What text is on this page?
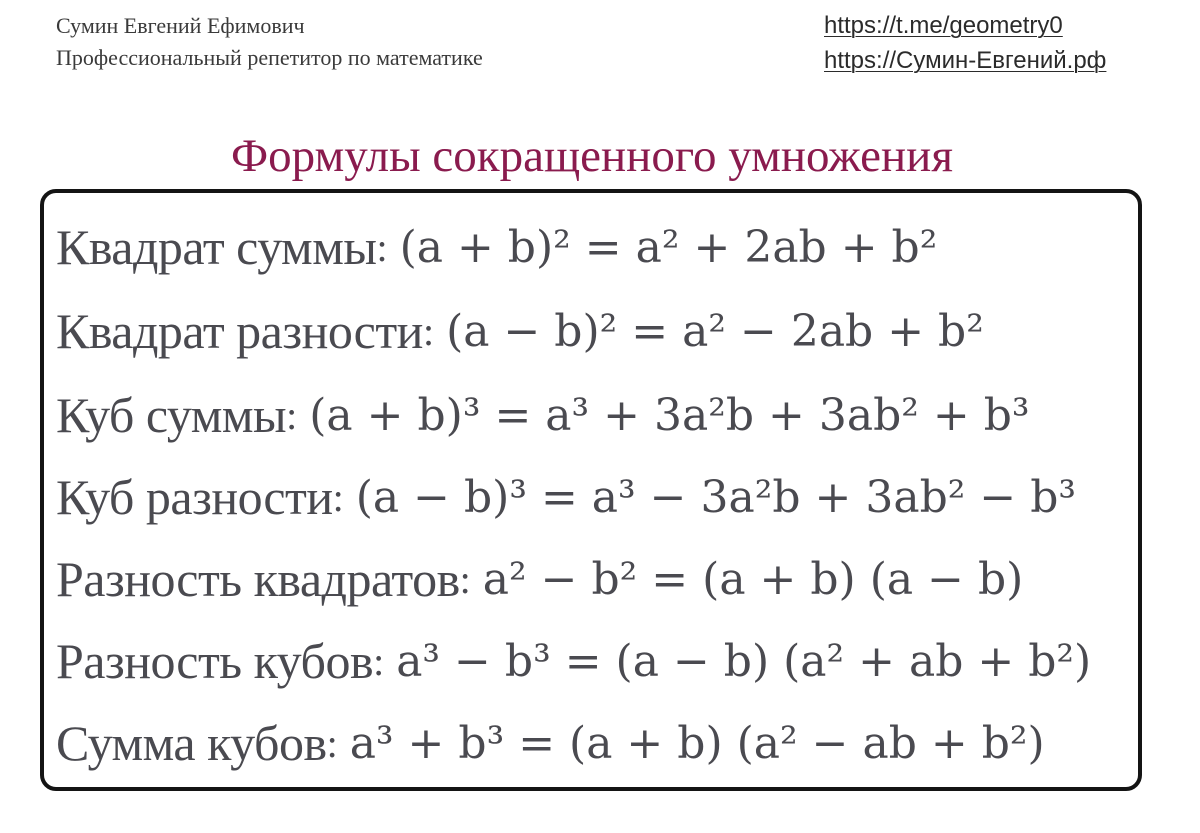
Сумин Евгений Ефимович
Профессиональный репетитор по математике
https://t.me/geometry0
https://Сумин-Евгений.рф
Формулы сокращенного умножения
Квадрат суммы : (a + b)² = a² + 2ab + b²
Квадрат разности : (a − b)² = a² − 2ab + b²
Куб суммы : (a + b)³ = a³ + 3a²b + 3ab² + b³
Куб разности : (a − b)³ = a³ − 3a²b + 3ab² − b³
Разность квадратов : a² − b² = (a + b) (a − b)
Разность кубов : a³ − b³ = (a − b) (a² + ab + b²)
Сумма кубов : a³ + b³ = (a + b) (a² − ab + b²)
